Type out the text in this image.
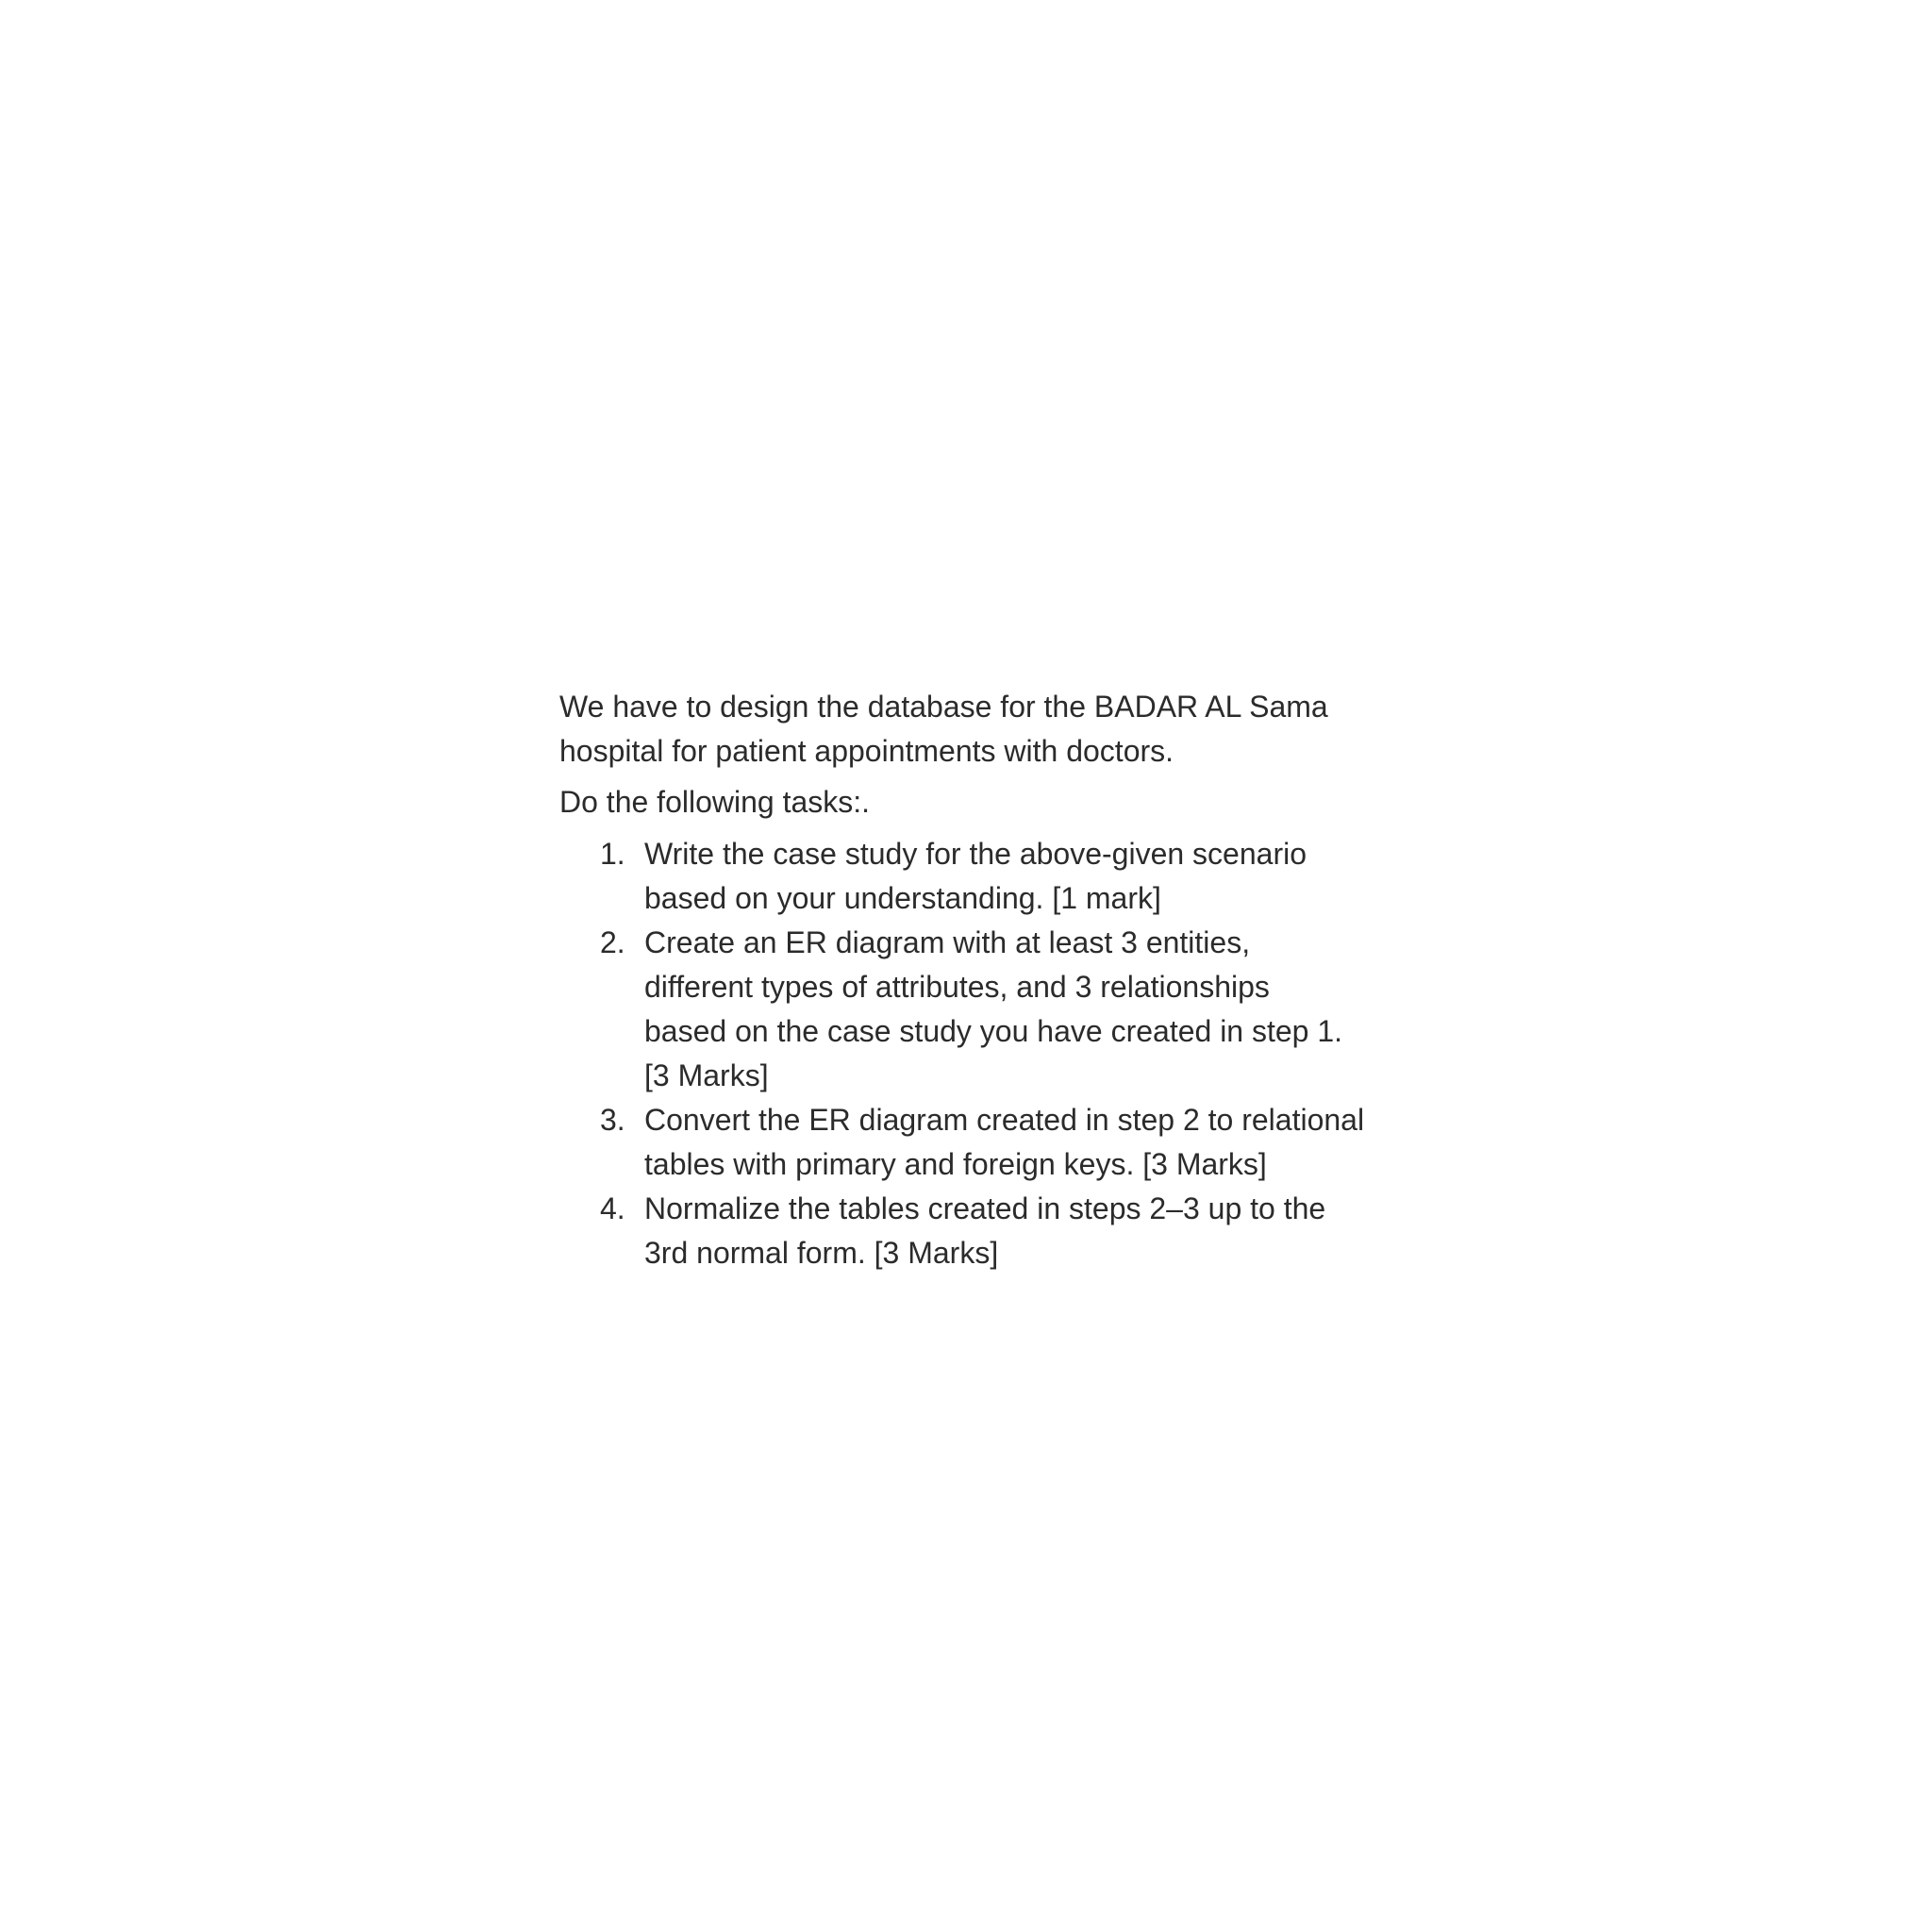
We have to design the database for the BADAR AL Sama
hospital for patient appointments with doctors.

Do the following tasks:.

1. Write the case study for the above-given scenario
based on your understanding. [1 mark]
2. Create an ER diagram with at least 3 entities,
different types of attributes, and 3 relationships
based on the case study you have created in step 1.
[3 Marks]
3. Convert the ER diagram created in step 2 to relational
tables with primary and foreign keys. [3 Marks]
4. Normalize the tables created in steps 2–3 up to the
3rd normal form. [3 Marks]
